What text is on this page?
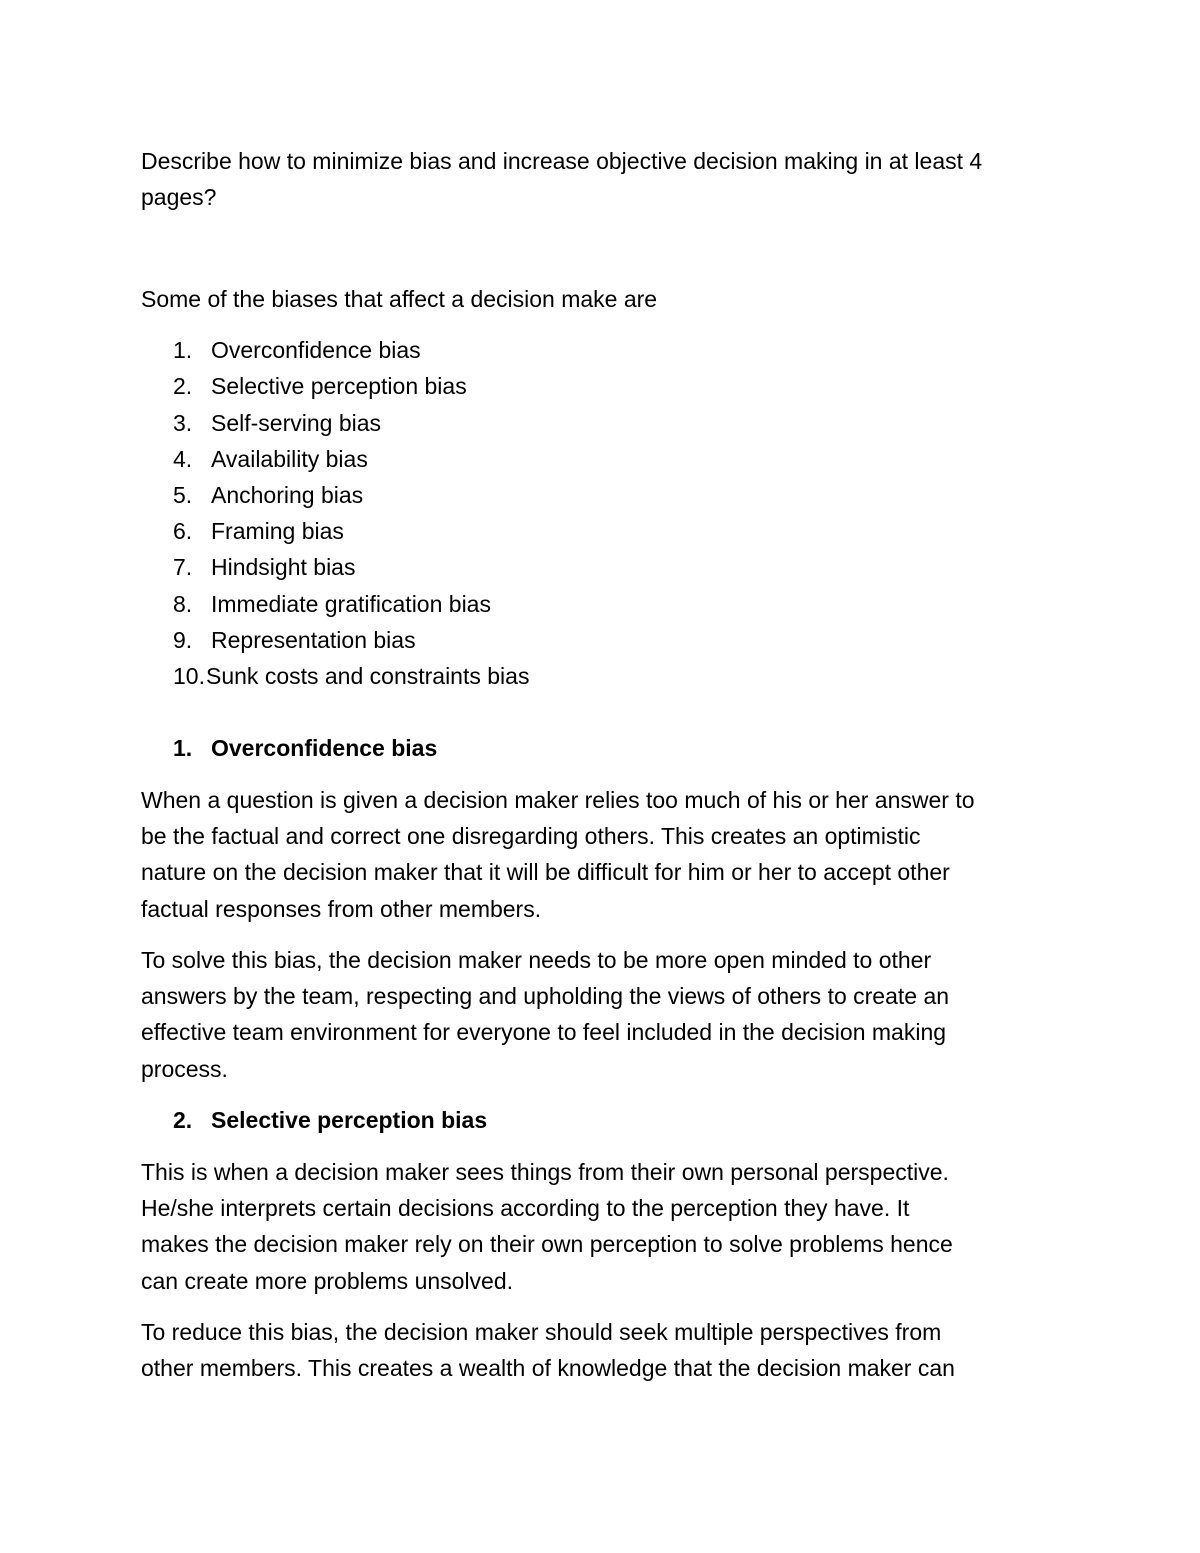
Describe how to minimize bias and increase objective decision making in at least 4
pages?
Some of the biases that affect a decision make are
1. Overconfidence bias
2. Selective perception bias
3. Self-serving bias
4. Availability bias
5. Anchoring bias
6. Framing bias
7. Hindsight bias
8. Immediate gratification bias
9. Representation bias
10. Sunk costs and constraints bias
1. Overconfidence bias
When a question is given a decision maker relies too much of his or her answer to
be the factual and correct one disregarding others. This creates an optimistic
nature on the decision maker that it will be difficult for him or her to accept other
factual responses from other members.
To solve this bias, the decision maker needs to be more open minded to other
answers by the team, respecting and upholding the views of others to create an
effective team environment for everyone to feel included in the decision making
process.
2. Selective perception bias
This is when a decision maker sees things from their own personal perspective.
He/she interprets certain decisions according to the perception they have. It
makes the decision maker rely on their own perception to solve problems hence
can create more problems unsolved.
To reduce this bias, the decision maker should seek multiple perspectives from
other members. This creates a wealth of knowledge that the decision maker can
